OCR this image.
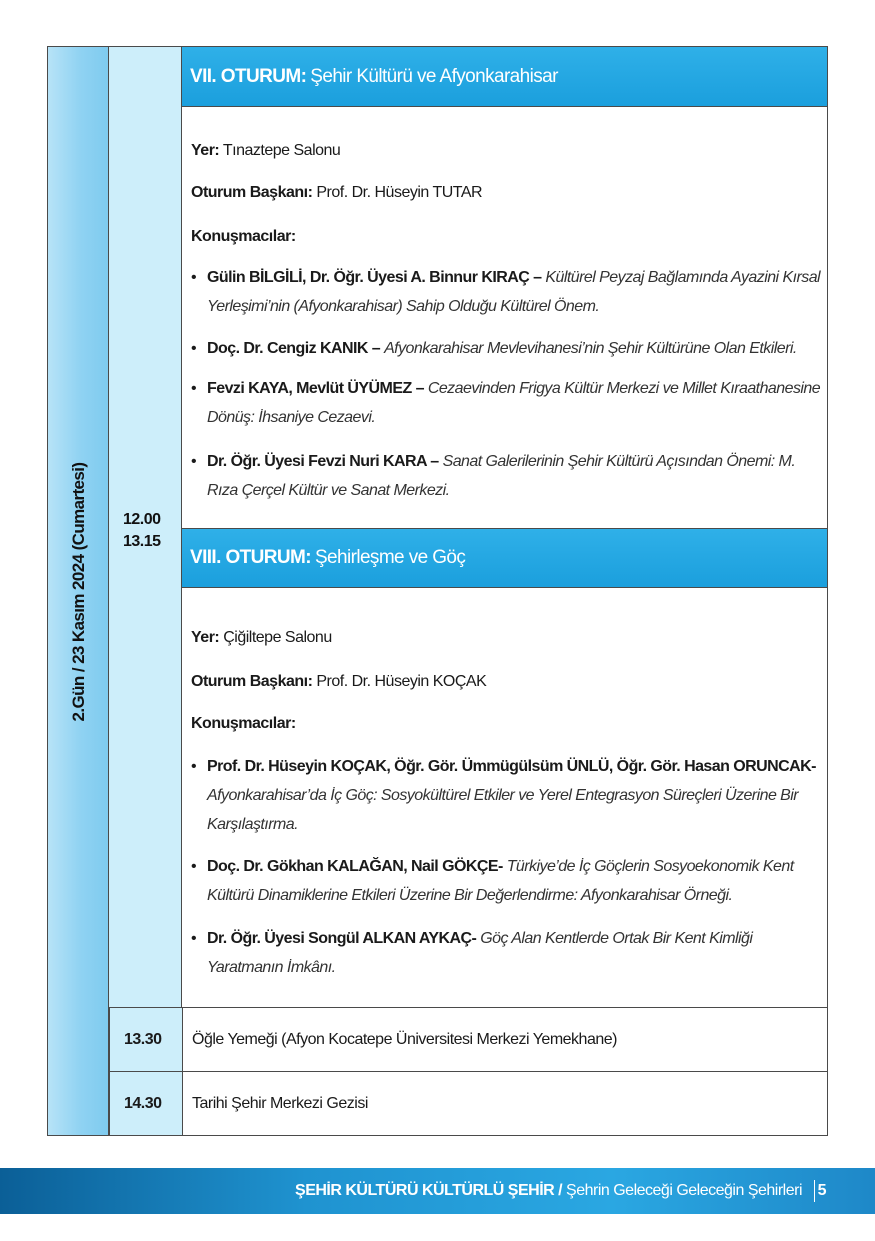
2.Gün / 23 Kasım 2024 (Cumartesi) 12.00
13.15
VII. OTURUM: Şehir Kültürü ve Afyonkarahisar
Yer: Tınaztepe Salonu
Oturum Başkanı: Prof. Dr. Hüseyin TUTAR
Konuşmacılar:
• Gülin BİLGİLİ, Dr. Öğr. Üyesi A. Binnur KIRAÇ – Kültürel Peyzaj Bağlamında Ayazini Kırsal Yerleşimi’nin (Afyonkarahisar) Sahip Olduğu Kültürel Önem.
• Doç. Dr. Cengiz KANIK – Afyonkarahisar Mevlevihanesi’nin Şehir Kültürüne Olan Etkileri.
• Fevzi KAYA, Mevlüt ÜYÜMEZ – Cezaevinden Frigya Kültür Merkezi ve Millet Kıraathanesine Dönüş: İhsaniye Cezaevi.
• Dr. Öğr. Üyesi Fevzi Nuri KARA – Sanat Galerilerinin Şehir Kültürü Açısından Önemi: M. Rıza Çerçel Kültür ve Sanat Merkezi.
VIII. OTURUM: Şehirleşme ve Göç
Yer: Çiğiltepe Salonu
Oturum Başkanı: Prof. Dr. Hüseyin KOÇAK
Konuşmacılar:
• Prof. Dr. Hüseyin KOÇAK, Öğr. Gör. Ümmügülsüm ÜNLÜ, Öğr. Gör. Hasan ORUNCAK- Afyonkarahisar’da İç Göç: Sosyokültürel Etkiler ve Yerel Entegrasyon Süreçleri Üzerine Bir Karşılaştırma.
• Doç. Dr. Gökhan KALAĞAN, Nail GÖKÇE- Türkiye’de İç Göçlerin Sosyoekonomik Kent Kültürü Dinamiklerine Etkileri Üzerine Bir Değerlendirme: Afyonkarahisar Örneği.
• Dr. Öğr. Üyesi Songül ALKAN AYKAÇ- Göç Alan Kentlerde Ortak Bir Kent Kimliği Yaratmanın İmkânı.
13.30	Öğle Yemeği (Afyon Kocatepe Üniversitesi Merkezi Yemekhane)
14.30	Tarihi Şehir Merkezi Gezisi
ŞEHİR KÜLTÜRÜ KÜLTÜRLÜ ŞEHİR /
Şehrin Geleceği Geleceğin Şehirleri 5
